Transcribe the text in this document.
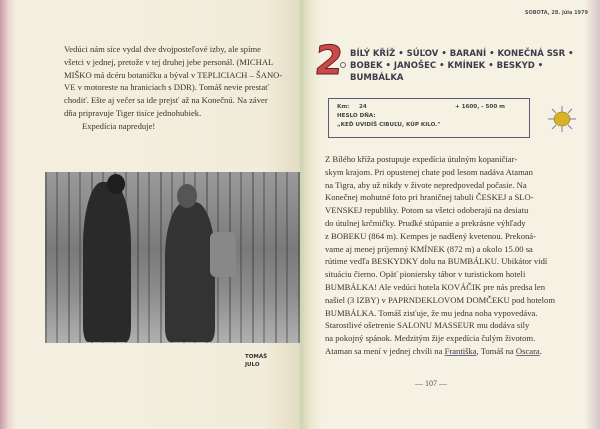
Vedúci nám síce vydal dve dvojposteľové izby, ale spíme
všetci v jednej, pretože v tej druhej jebe personál. (MICHAL
MIŠKO má dcéru botaničku a býval v TEPLICIACH – ŠANO-
VE v motoreste na hraniciach s DDR). Tomáš nevie prestať
chodiť. Ešte aj večer sa ide prejsť až na Konečnú. Na záver
dňa pripravuje Tiger tisíce jednohubiek.
Expedícia napreduje!
TOMÁŠ
JULO
SOBOTA, 28. júla 1979
2 BÍLÝ KŘÍŽ • SÚĽOV • BARANÍ • KONEČNÁ SSR •
BOBEK • JANOŠEC • KMÍNEK • BESKYD •
BUMBÁLKA
Km: 24	+ 1600, - 500 m
HESLO DŇA:
„KEĎ UVIDÍŠ CIBUĽU, KÚP KILO."
Z Bílého kříža postupuje expedícia útulným kopaničiar-
skym krajom. Pri opustenej chate pod lesom nadáva Ataman
na Tigra, aby už nikdy v živote nepredpovedal počasie. Na
Konečnej mohutné foto pri hraničnej tabuli ČESKEJ a SLO-
VENSKEJ republiky. Potom sa všetci odoberajú na desiatu
do útulnej krčmičky. Prudké stúpanie a prekrásne výhľady
z BOBEKU (864 m). Kempes je nadšený kvetenou. Prekoná-
vame aj menej príjemný KMÍNEK (872 m) a okolo 15.00 sa
rútime vedľa BESKYDKY dolu na BUMBÁLKU. Ubikátor vidí
situáciu čierno. Opäť pioniersky tábor v turistickom hoteli
BUMBÁLKA! Ale vedúci hotela KOVÁČIK pre nás predsa len
našiel (3 IZBY) v PAPRNDEKLOVOM DOMČEKU pod hotelom
BUMBÁLKA. Tomáš zisťuje, že mu jedna noha vypovedáva.
Starostlivé ošetrenie SALONU MASSEUR mu dodáva sily
na pokojný spánok. Medzitým žije expedícia čulým životom.
Ataman sa mení v jednej chvíli na Františka, Tomáš na Oscara.
— 107 —
